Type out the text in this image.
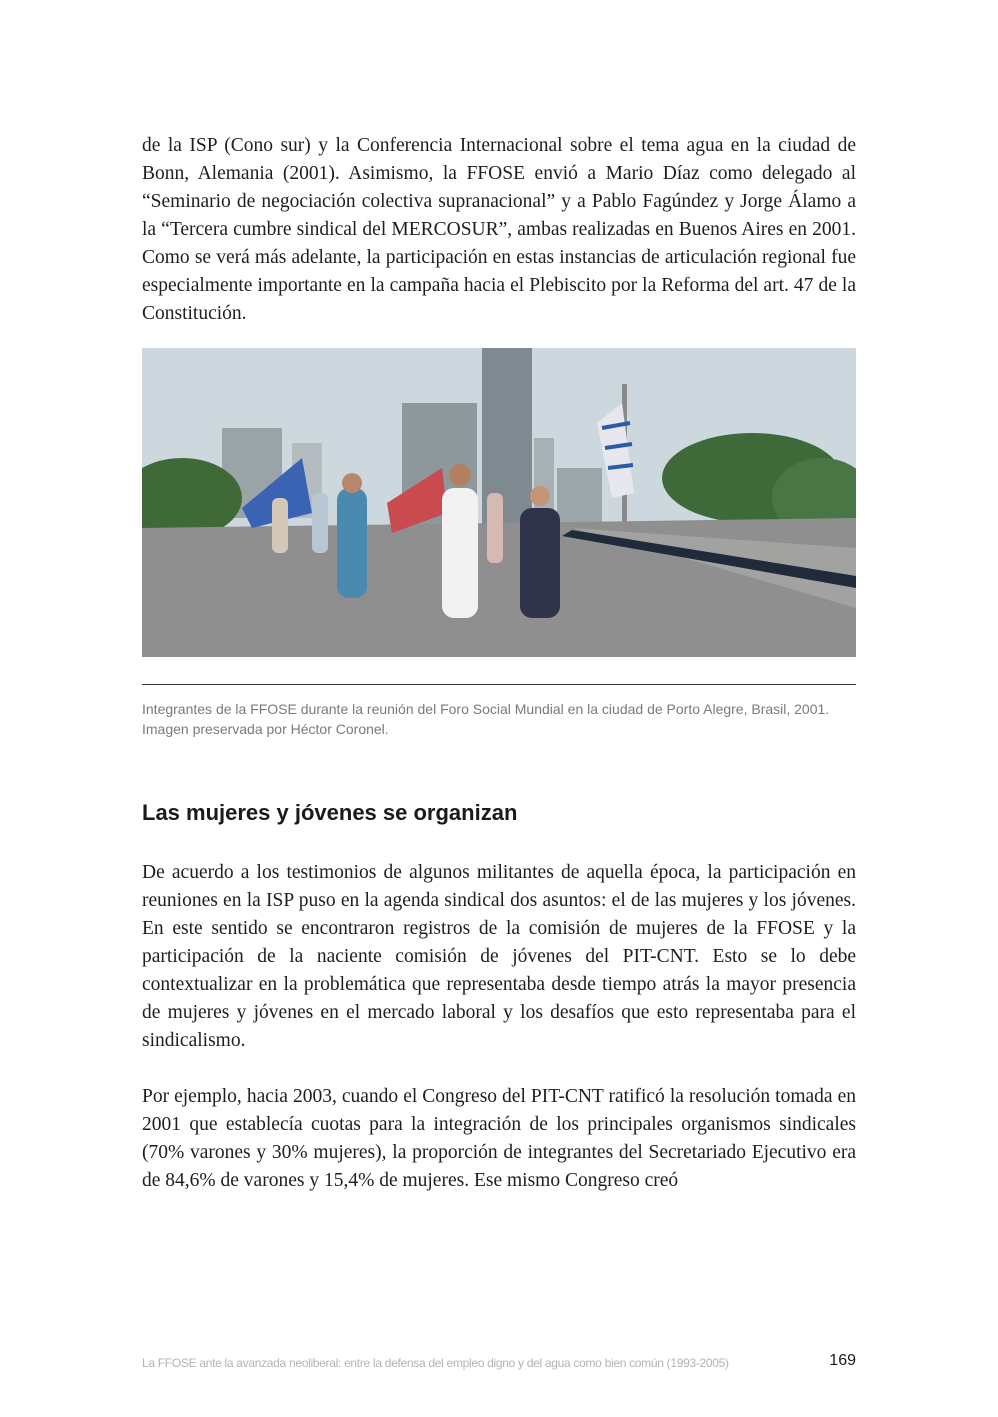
de la ISP (Cono sur) y la Conferencia Internacional sobre el tema agua en la ciudad de Bonn, Alemania (2001). Asimismo, la FFOSE envió a Mario Díaz como delegado al “Seminario de negociación colectiva supranacional” y a Pablo Fagúndez y Jorge Álamo a la “Tercera cumbre sindical del MERCOSUR”, ambas realizadas en Buenos Aires en 2001. Como se verá más adelante, la participación en estas instancias de articulación regional fue especialmente importante en la campaña hacia el Plebiscito por la Reforma del art. 47 de la Constitución.

Integrantes de la FFOSE durante la reunión del Foro Social Mundial en la ciudad de Porto Alegre, Brasil, 2001. Imagen preservada por Héctor Coronel.

Las mujeres y jóvenes se organizan

De acuerdo a los testimonios de algunos militantes de aquella época, la participación en reuniones en la ISP puso en la agenda sindical dos asuntos: el de las mujeres y los jóvenes. En este sentido se encontraron registros de la comisión de mujeres de la FFOSE y la participación de la naciente comisión de jóvenes del PIT-CNT. Esto se lo debe contextualizar en la problemática que representaba desde tiempo atrás la mayor presencia de mujeres y jóvenes en el mercado laboral y los desafíos que esto representaba para el sindicalismo.

Por ejemplo, hacia 2003, cuando el Congreso del PIT-CNT ratificó la resolución tomada en 2001 que establecía cuotas para la integración de los principales organismos sindicales (70% varones y 30% mujeres), la proporción de integrantes del Secretariado Ejecutivo era de 84,6% de varones y 15,4% de mujeres. Ese mismo Congreso creó

La FFOSE ante la avanzada neoliberal: entre la defensa del empleo digno y del agua como bien común (1993-2005)	169
